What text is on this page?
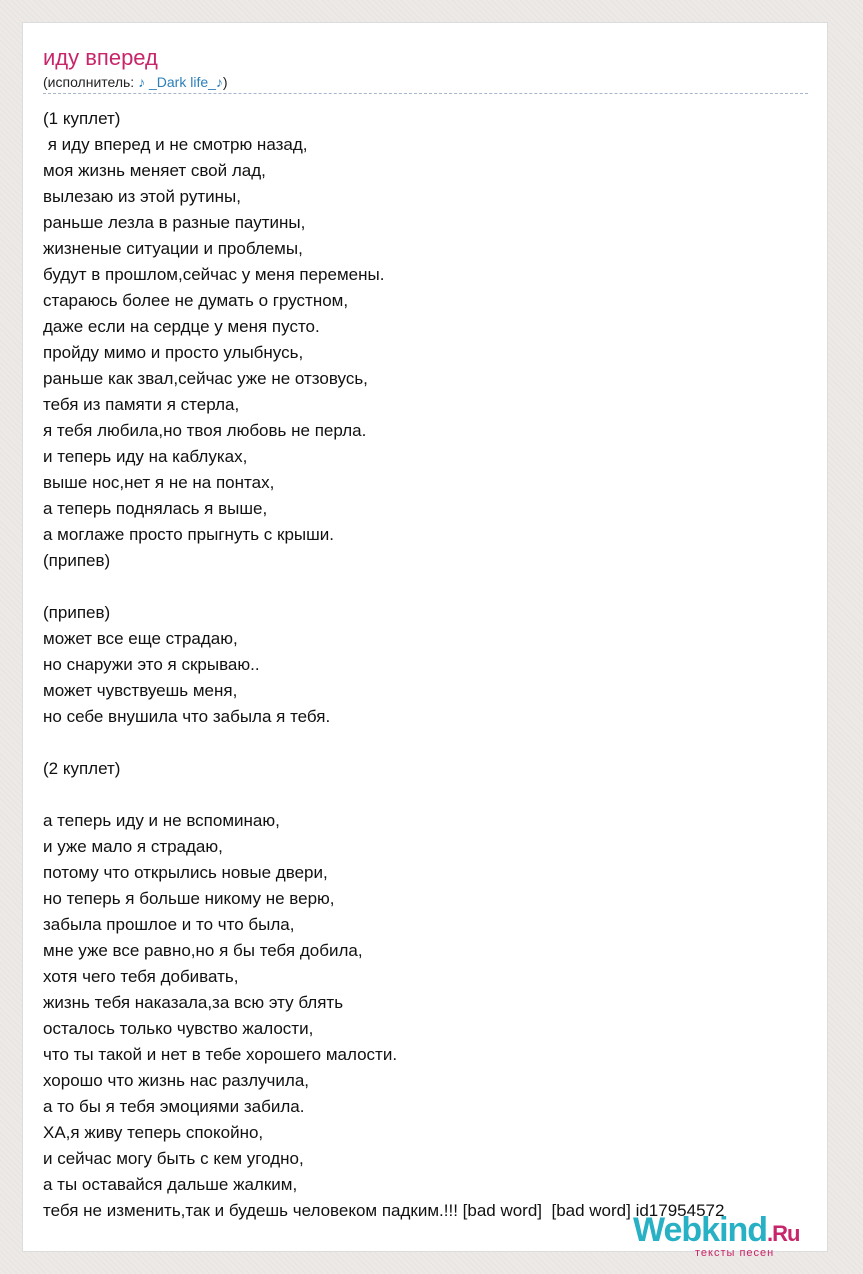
иду вперед
(исполнитель: ♪ _Dark life_♪)
(1 куплет)
я иду вперед и не смотрю назад,
моя жизнь меняет свой лад,
вылезаю из этой рутины,
раньше лезла в разные паутины,
жизненые ситуации и проблемы,
будут в прошлом,сейчас у меня перемены.
стараюсь более не думать о грустном,
даже если на сердце у меня пусто.
пройду мимо и просто улыбнусь,
раньше как звал,сейчас уже не отзовусь,
тебя из памяти я стерла,
я тебя любила,но твоя любовь не перла.
и теперь иду на каблуках,
выше нос,нет я не на понтах,
а теперь поднялась я выше,
а моглаже просто прыгнуть с крыши.
(припев)

(припев)
может все еще страдаю,
но снаружи это я скрываю..
может чувствуешь меня,
но себе внушила что забыла я тебя.

(2 куплет)

а теперь иду и не вспоминаю,
и уже мало я страдаю,
потому что открылись новые двери,
но теперь я больше никому не верю,
забыла прошлое и то что была,
мне уже все равно,но я бы тебя добила,
хотя чего тебя добивать,
жизнь тебя наказала,за всю эту блять
осталось только чувство жалости,
что ты такой и нет в тебе хорошего малости.
хорошо что жизнь нас разлучила,
а то бы я тебя эмоциями забила.
ХА,я живу теперь спокойно,
и сейчас могу быть с кем угодно,
а ты оставайся дальше жалким,
тебя не изменить,так и будешь человеком падким.!!! [bad word]  [bad word] id17954572
Webkind.Ru
тексты песен
